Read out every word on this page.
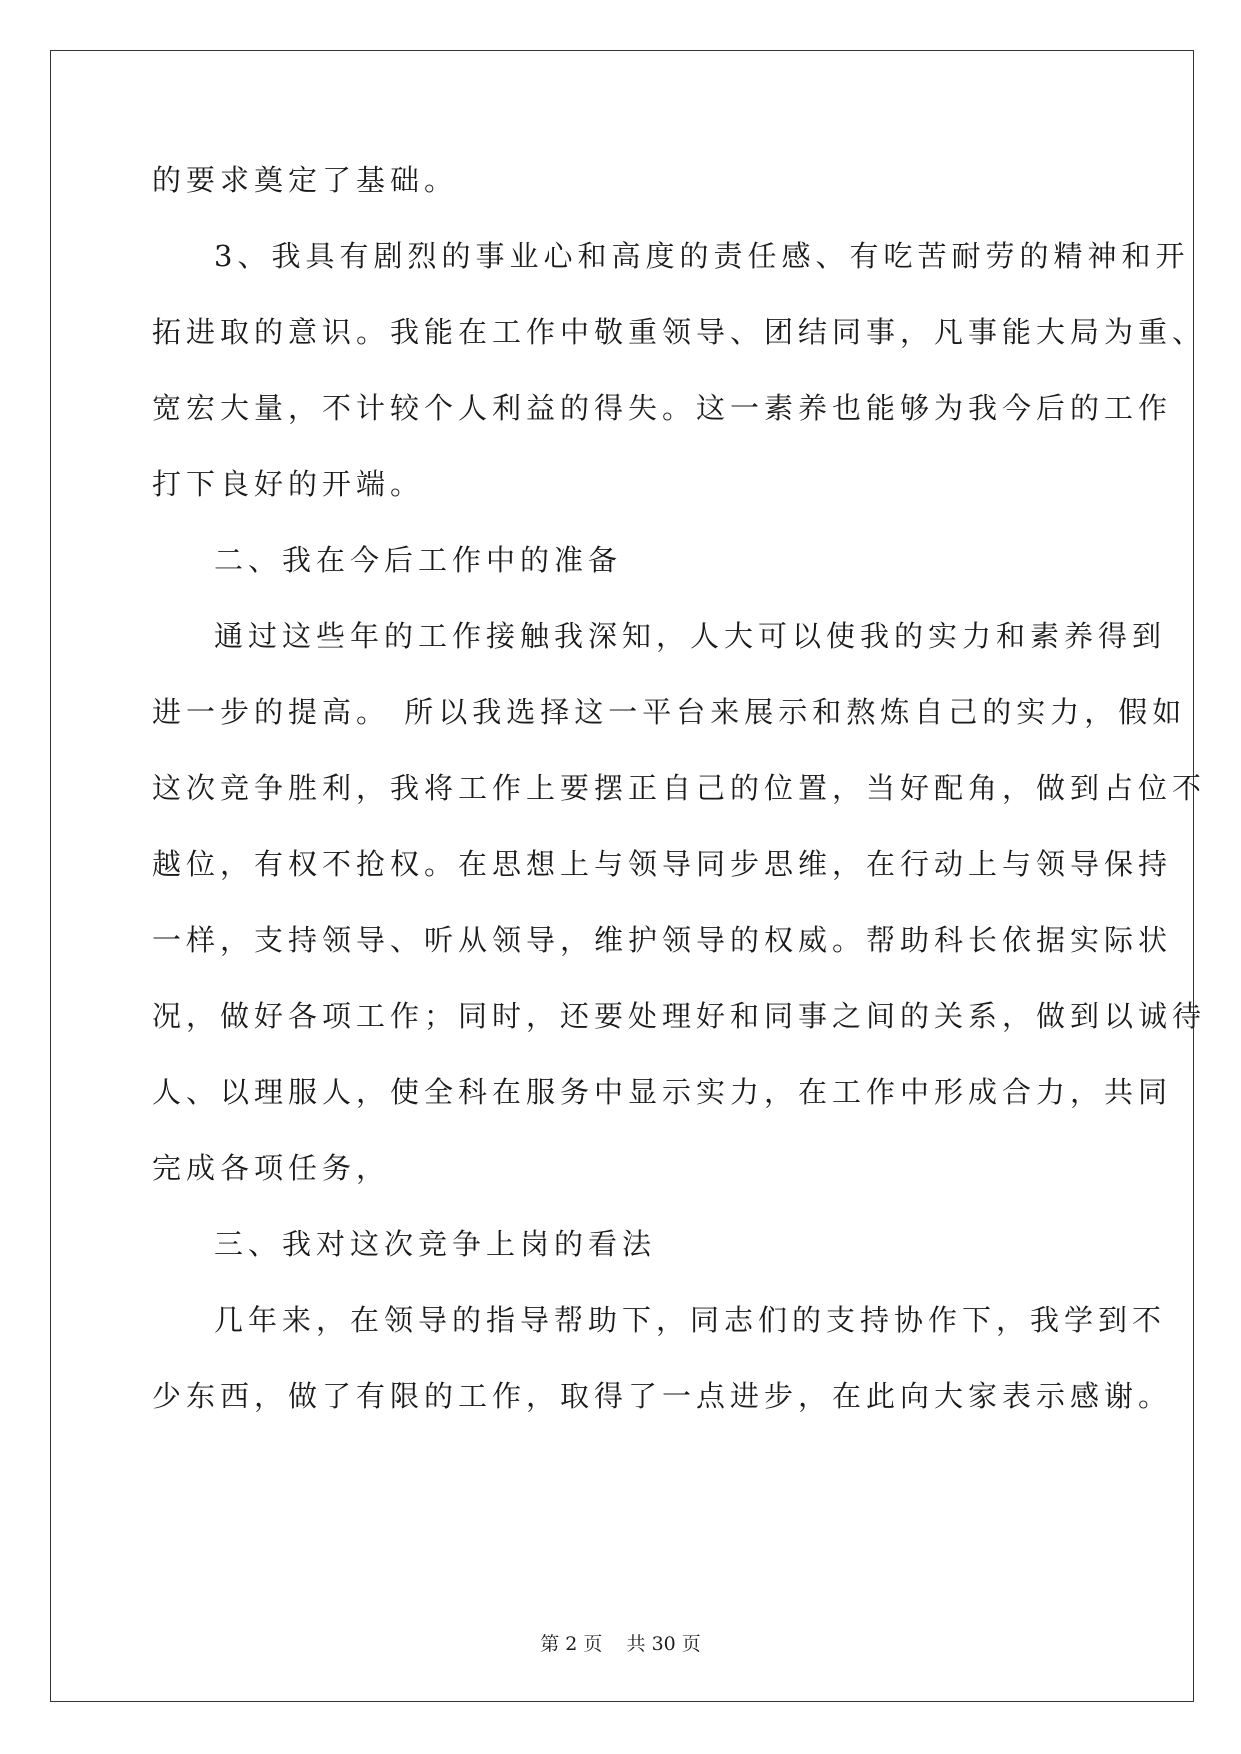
的要求奠定了基础。
3、我具有剧烈的事业心和高度的责任感、有吃苦耐劳的精神和开
拓进取的意识。我能在工作中敬重领导、团结同事，凡事能大局为重、
宽宏大量，不计较个人利益的得失。这一素养也能够为我今后的工作
打下良好的开端。
二、我在今后工作中的准备
通过这些年的工作接触我深知，人大可以使我的实力和素养得到
进一步的提高。 所以我选择这一平台来展示和熬炼自己的实力，假如
这次竞争胜利，我将工作上要摆正自己的位置，当好配角，做到占位不
越位，有权不抢权。在思想上与领导同步思维，在行动上与领导保持
一样，支持领导、听从领导，维护领导的权威。帮助科长依据实际状
况，做好各项工作；同时，还要处理好和同事之间的关系，做到以诚待
人、以理服人，使全科在服务中显示实力，在工作中形成合力，共同
完成各项任务，
三、我对这次竞争上岗的看法
几年来，在领导的指导帮助下，同志们的支持协作下，我学到不
少东西，做了有限的工作，取得了一点进步，在此向大家表示感谢。
第 2 页 共 30 页
